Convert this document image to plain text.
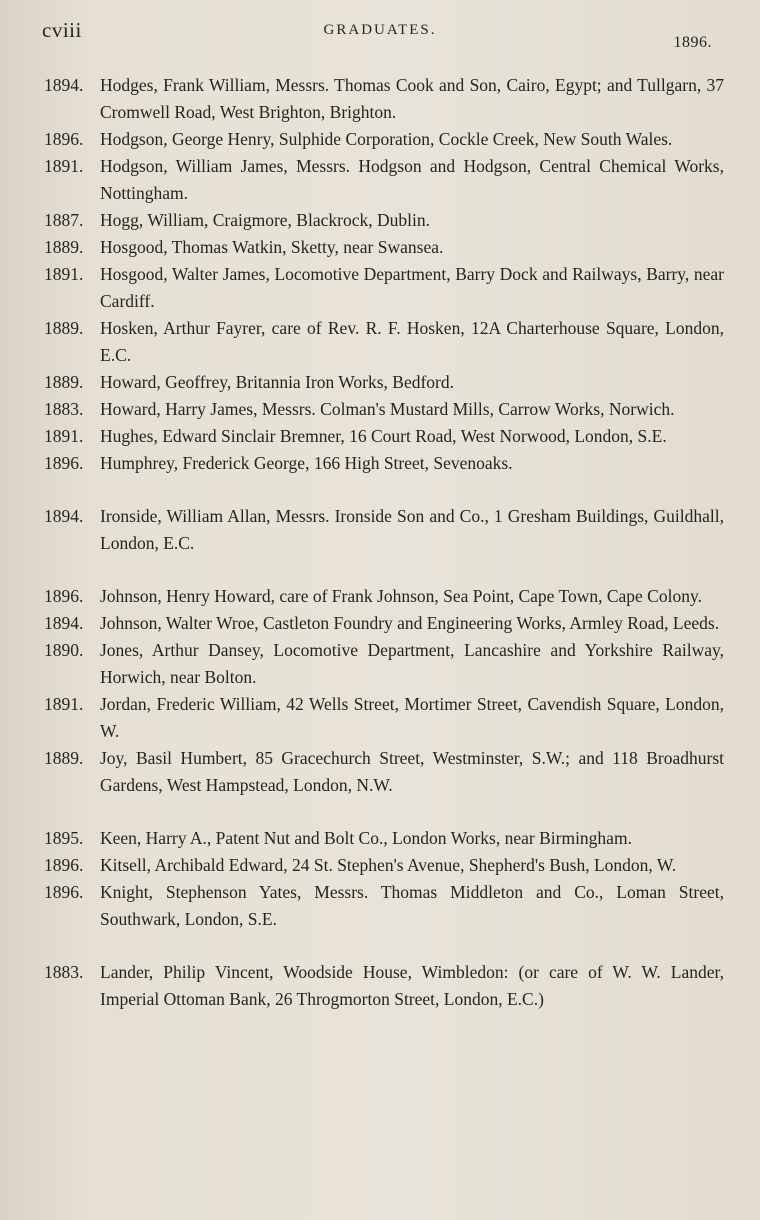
cviii	GRADUATES.
1896.

1894. Hodges, Frank William, Messrs. Thomas Cook and Son, Cairo, Egypt; and Tullgarn, 37 Cromwell Road, West Brighton, Brighton.

1896. Hodgson, George Henry, Sulphide Corporation, Cockle Creek, New South Wales.

1891. Hodgson, William James, Messrs. Hodgson and Hodgson, Central Chemical Works, Nottingham.

1887. Hogg, William, Craigmore, Blackrock, Dublin.

1889. Hosgood, Thomas Watkin, Sketty, near Swansea.

1891. Hosgood, Walter James, Locomotive Department, Barry Dock and Railways, Barry, near Cardiff.

1889. Hosken, Arthur Fayrer, care of Rev. R. F. Hosken, 12A Charterhouse Square, London, E.C.

1889. Howard, Geoffrey, Britannia Iron Works, Bedford.

1883. Howard, Harry James, Messrs. Colman's Mustard Mills, Carrow Works, Norwich.

1891. Hughes, Edward Sinclair Bremner, 16 Court Road, West Norwood, London, S.E.

1896. Humphrey, Frederick George, 166 High Street, Sevenoaks.

1894. Ironside, William Allan, Messrs. Ironside Son and Co., 1 Gresham Buildings, Guildhall, London, E.C.

1896. Johnson, Henry Howard, care of Frank Johnson, Sea Point, Cape Town, Cape Colony.

1894. Johnson, Walter Wroe, Castleton Foundry and Engineering Works, Armley Road, Leeds.

1890. Jones, Arthur Dansey, Locomotive Department, Lancashire and Yorkshire Railway, Horwich, near Bolton.

1891. Jordan, Frederic William, 42 Wells Street, Mortimer Street, Cavendish Square, London, W.

1889. Joy, Basil Humbert, 85 Gracechurch Street, Westminster, S.W.; and 118 Broadhurst Gardens, West Hampstead, London, N.W.

1895. Keen, Harry A., Patent Nut and Bolt Co., London Works, near Birmingham.

1896. Kitsell, Archibald Edward, 24 St. Stephen's Avenue, Shepherd's Bush, London, W.

1896. Knight, Stephenson Yates, Messrs. Thomas Middleton and Co., Loman Street, Southwark, London, S.E.

1883. Lander, Philip Vincent, Woodside House, Wimbledon: (or care of W. W. Lander, Imperial Ottoman Bank, 26 Throgmorton Street, London, E.C.)
